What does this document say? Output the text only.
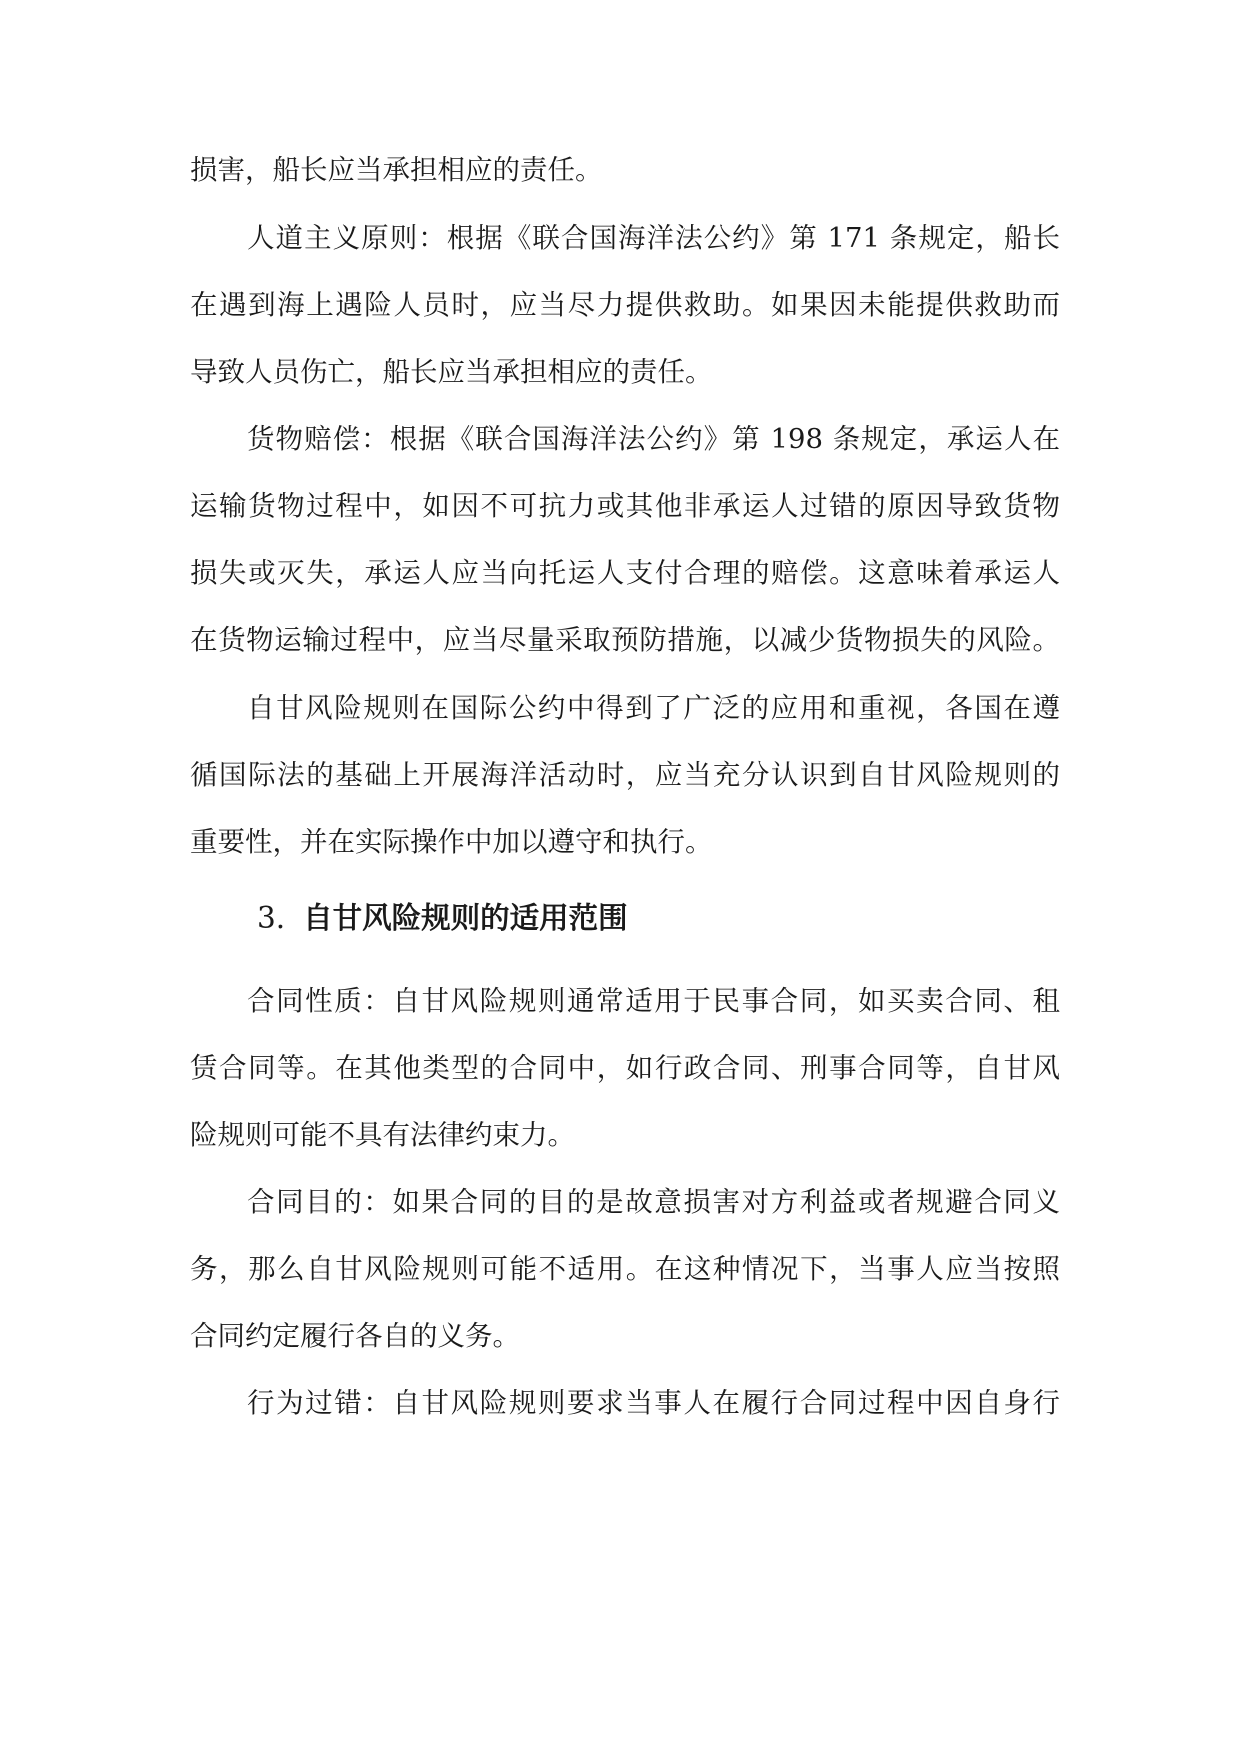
损害，船长应当承担相应的责任。
人道主义原则：根据《联合国海洋法公约》第 171 条规定，船长
在遇到海上遇险人员时，应当尽力提供救助。如果因未能提供救助而
导致人员伤亡，船长应当承担相应的责任。
货物赔偿：根据《联合国海洋法公约》第 198 条规定，承运人在
运输货物过程中，如因不可抗力或其他非承运人过错的原因导致货物
损失或灭失，承运人应当向托运人支付合理的赔偿。这意味着承运人
在货物运输过程中，应当尽量采取预防措施，以减少货物损失的风险。
自甘风险规则在国际公约中得到了广泛的应用和重视，各国在遵
循国际法的基础上开展海洋活动时，应当充分认识到自甘风险规则的
重要性，并在实际操作中加以遵守和执行。
3. 自甘风险规则的适用范围
合同性质：自甘风险规则通常适用于民事合同，如买卖合同、租
赁合同等。在其他类型的合同中，如行政合同、刑事合同等，自甘风
险规则可能不具有法律约束力。
合同目的：如果合同的目的是故意损害对方利益或者规避合同义
务，那么自甘风险规则可能不适用。在这种情况下，当事人应当按照
合同约定履行各自的义务。
行为过错：自甘风险规则要求当事人在履行合同过程中因自身行
